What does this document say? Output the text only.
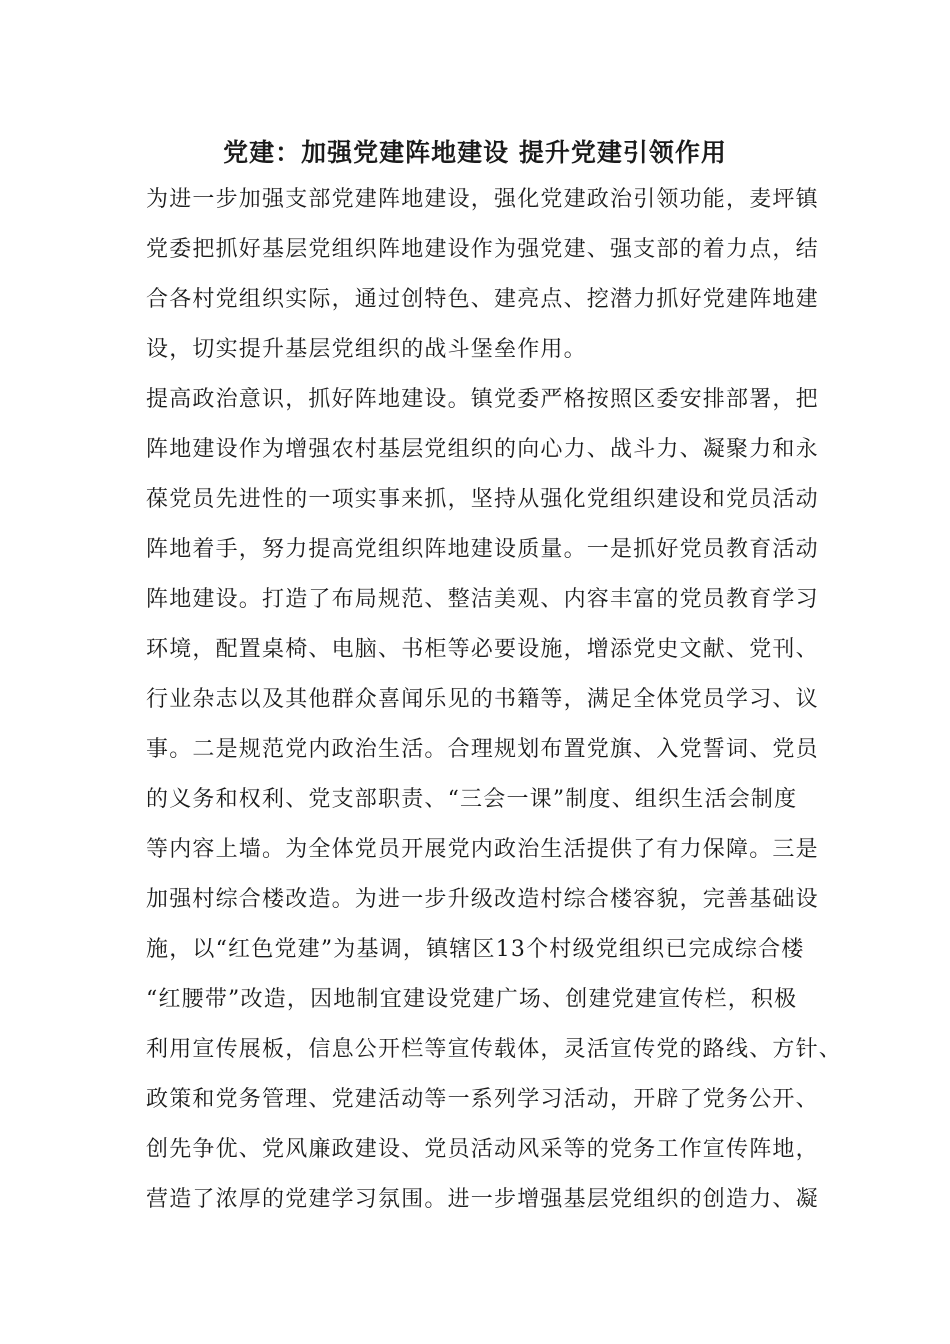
党建：加强党建阵地建设 提升党建引领作用
为进一步加强支部党建阵地建设，强化党建政治引领功能，麦坪镇
党委把抓好基层党组织阵地建设作为强党建、强支部的着力点，结
合各村党组织实际，通过创特色、建亮点、挖潜力抓好党建阵地建
设，切实提升基层党组织的战斗堡垒作用。
提高政治意识，抓好阵地建设。镇党委严格按照区委安排部署，把
阵地建设作为增强农村基层党组织的向心力、战斗力、凝聚力和永
葆党员先进性的一项实事来抓，坚持从强化党组织建设和党员活动
阵地着手，努力提高党组织阵地建设质量。一是抓好党员教育活动
阵地建设。打造了布局规范、整洁美观、内容丰富的党员教育学习
环境，配置桌椅、电脑、书柜等必要设施，增添党史文献、党刊、
行业杂志以及其他群众喜闻乐见的书籍等，满足全体党员学习、议
事。二是规范党内政治生活。合理规划布置党旗、入党誓词、党员
的义务和权利、党支部职责、“三会一课”制度、组织生活会制度
等内容上墙。为全体党员开展党内政治生活提供了有力保障。三是
加强村综合楼改造。为进一步升级改造村综合楼容貌，完善基础设
施，以“红色党建”为基调，镇辖区13个村级党组织已完成综合楼
“红腰带”改造，因地制宜建设党建广场、创建党建宣传栏，积极
利用宣传展板，信息公开栏等宣传载体，灵活宣传党的路线、方针、
政策和党务管理、党建活动等一系列学习活动，开辟了党务公开、
创先争优、党风廉政建设、党员活动风采等的党务工作宣传阵地，
营造了浓厚的党建学习氛围。进一步增强基层党组织的创造力、凝
